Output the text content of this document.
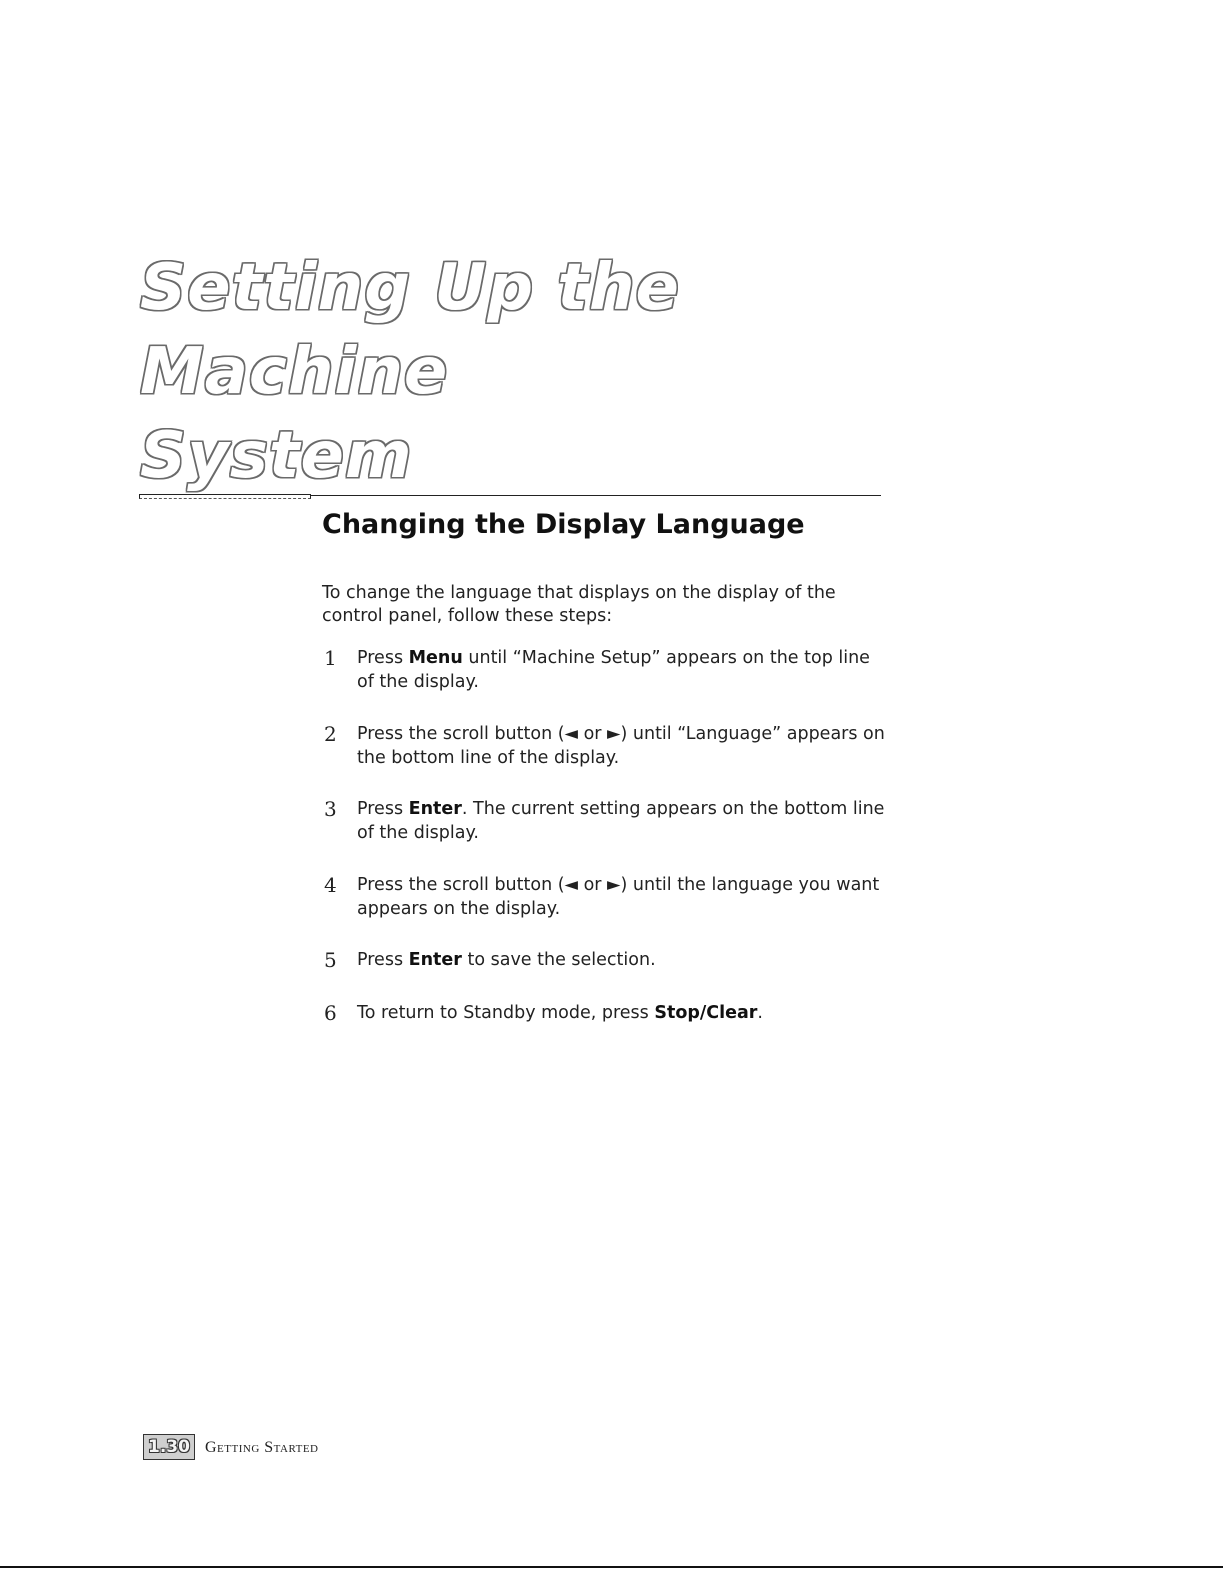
Setting Up the Machine
System
Changing the Display Language

To change the language that displays on the display of the control panel, follow these steps:

1 Press Menu until “Machine Setup” appears on the top line of the display.
2 Press the scroll button (◄ or ►) until “Language” appears on the bottom line of the display.
3 Press Enter. The current setting appears on the bottom line of the display.
4 Press the scroll button (◄ or ►) until the language you want appears on the display.
5 Press Enter to save the selection.
6 To return to Standby mode, press Stop/Clear.
1.30 Getting Started
